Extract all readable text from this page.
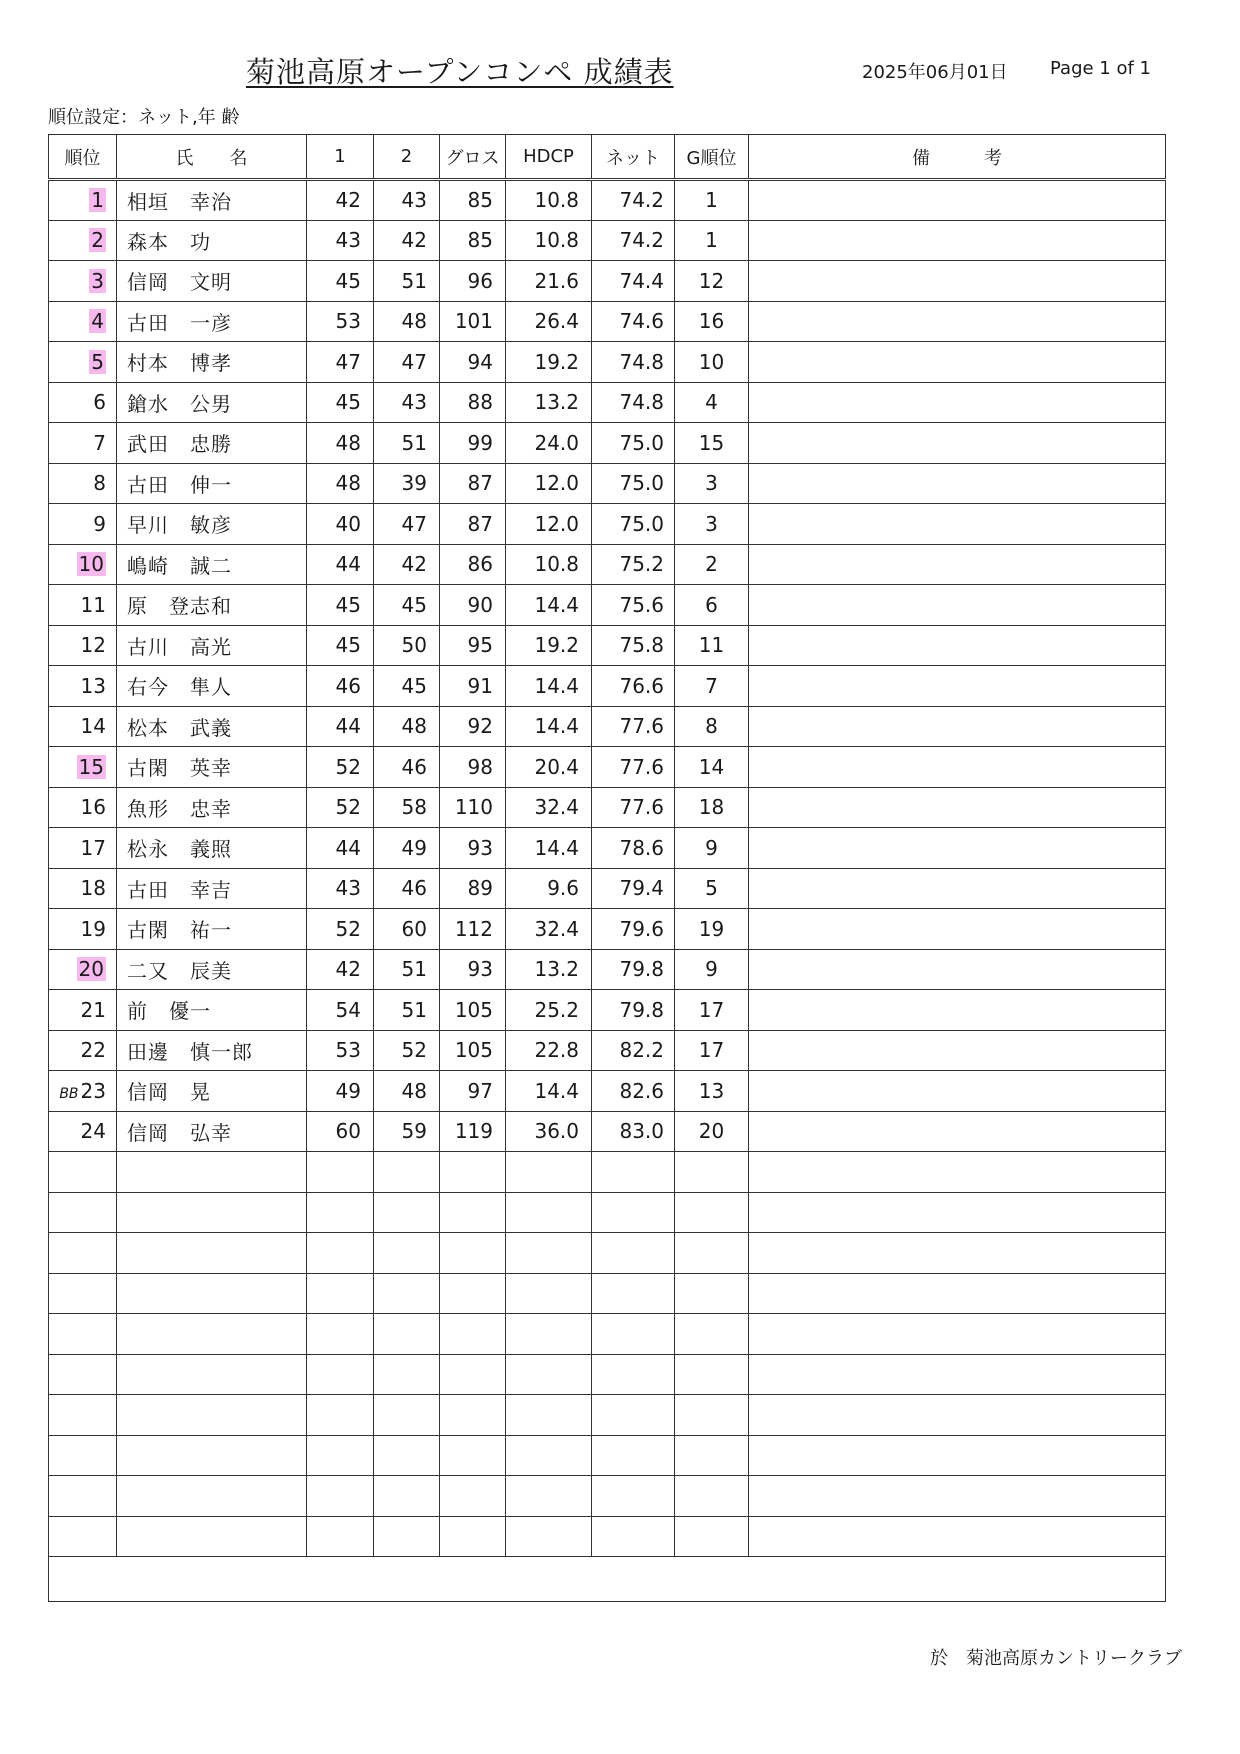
菊池高原オープンコンペ 成績表	2025年06月01日 Page 1 of 1
順位設定：ネット,年 齢
順位	氏　　名	1	2	グロス	HDCP	ネット	G順位	備　　　考
1	相垣　幸治	42	43	85	10.8	74.2	1	
2	森本　功	43	42	85	10.8	74.2	1	
3	信岡　文明	45	51	96	21.6	74.4	12	
4	古田　一彦	53	48	101	26.4	74.6	16	
5	村本　博孝	47	47	94	19.2	74.8	10	
6	鎗水　公男	45	43	88	13.2	74.8	4	
7	武田　忠勝	48	51	99	24.0	75.0	15	
8	古田　伸一	48	39	87	12.0	75.0	3	
9	早川　敏彦	40	47	87	12.0	75.0	3	
10	嶋崎　誠二	44	42	86	10.8	75.2	2	
11	原　登志和	45	45	90	14.4	75.6	6	
12	古川　高光	45	50	95	19.2	75.8	11	
13	右今　隼人	46	45	91	14.4	76.6	7	
14	松本　武義	44	48	92	14.4	77.6	8	
15	古閑　英幸	52	46	98	20.4	77.6	14	
16	魚形　忠幸	52	58	110	32.4	77.6	18	
17	松永　義照	44	49	93	14.4	78.6	9	
18	古田　幸吉	43	46	89	9.6	79.4	5	
19	古閑　祐一	52	60	112	32.4	79.6	19	
20	二又　辰美	42	51	93	13.2	79.8	9	
21	前　優一	54	51	105	25.2	79.8	17	
22	田邊　慎一郎	53	52	105	22.8	82.2	17	
BB 23	信岡　晃	49	48	97	14.4	82.6	13	
24	信岡　弘幸	60	59	119	36.0	83.0	20	

於　菊池高原カントリークラブ
